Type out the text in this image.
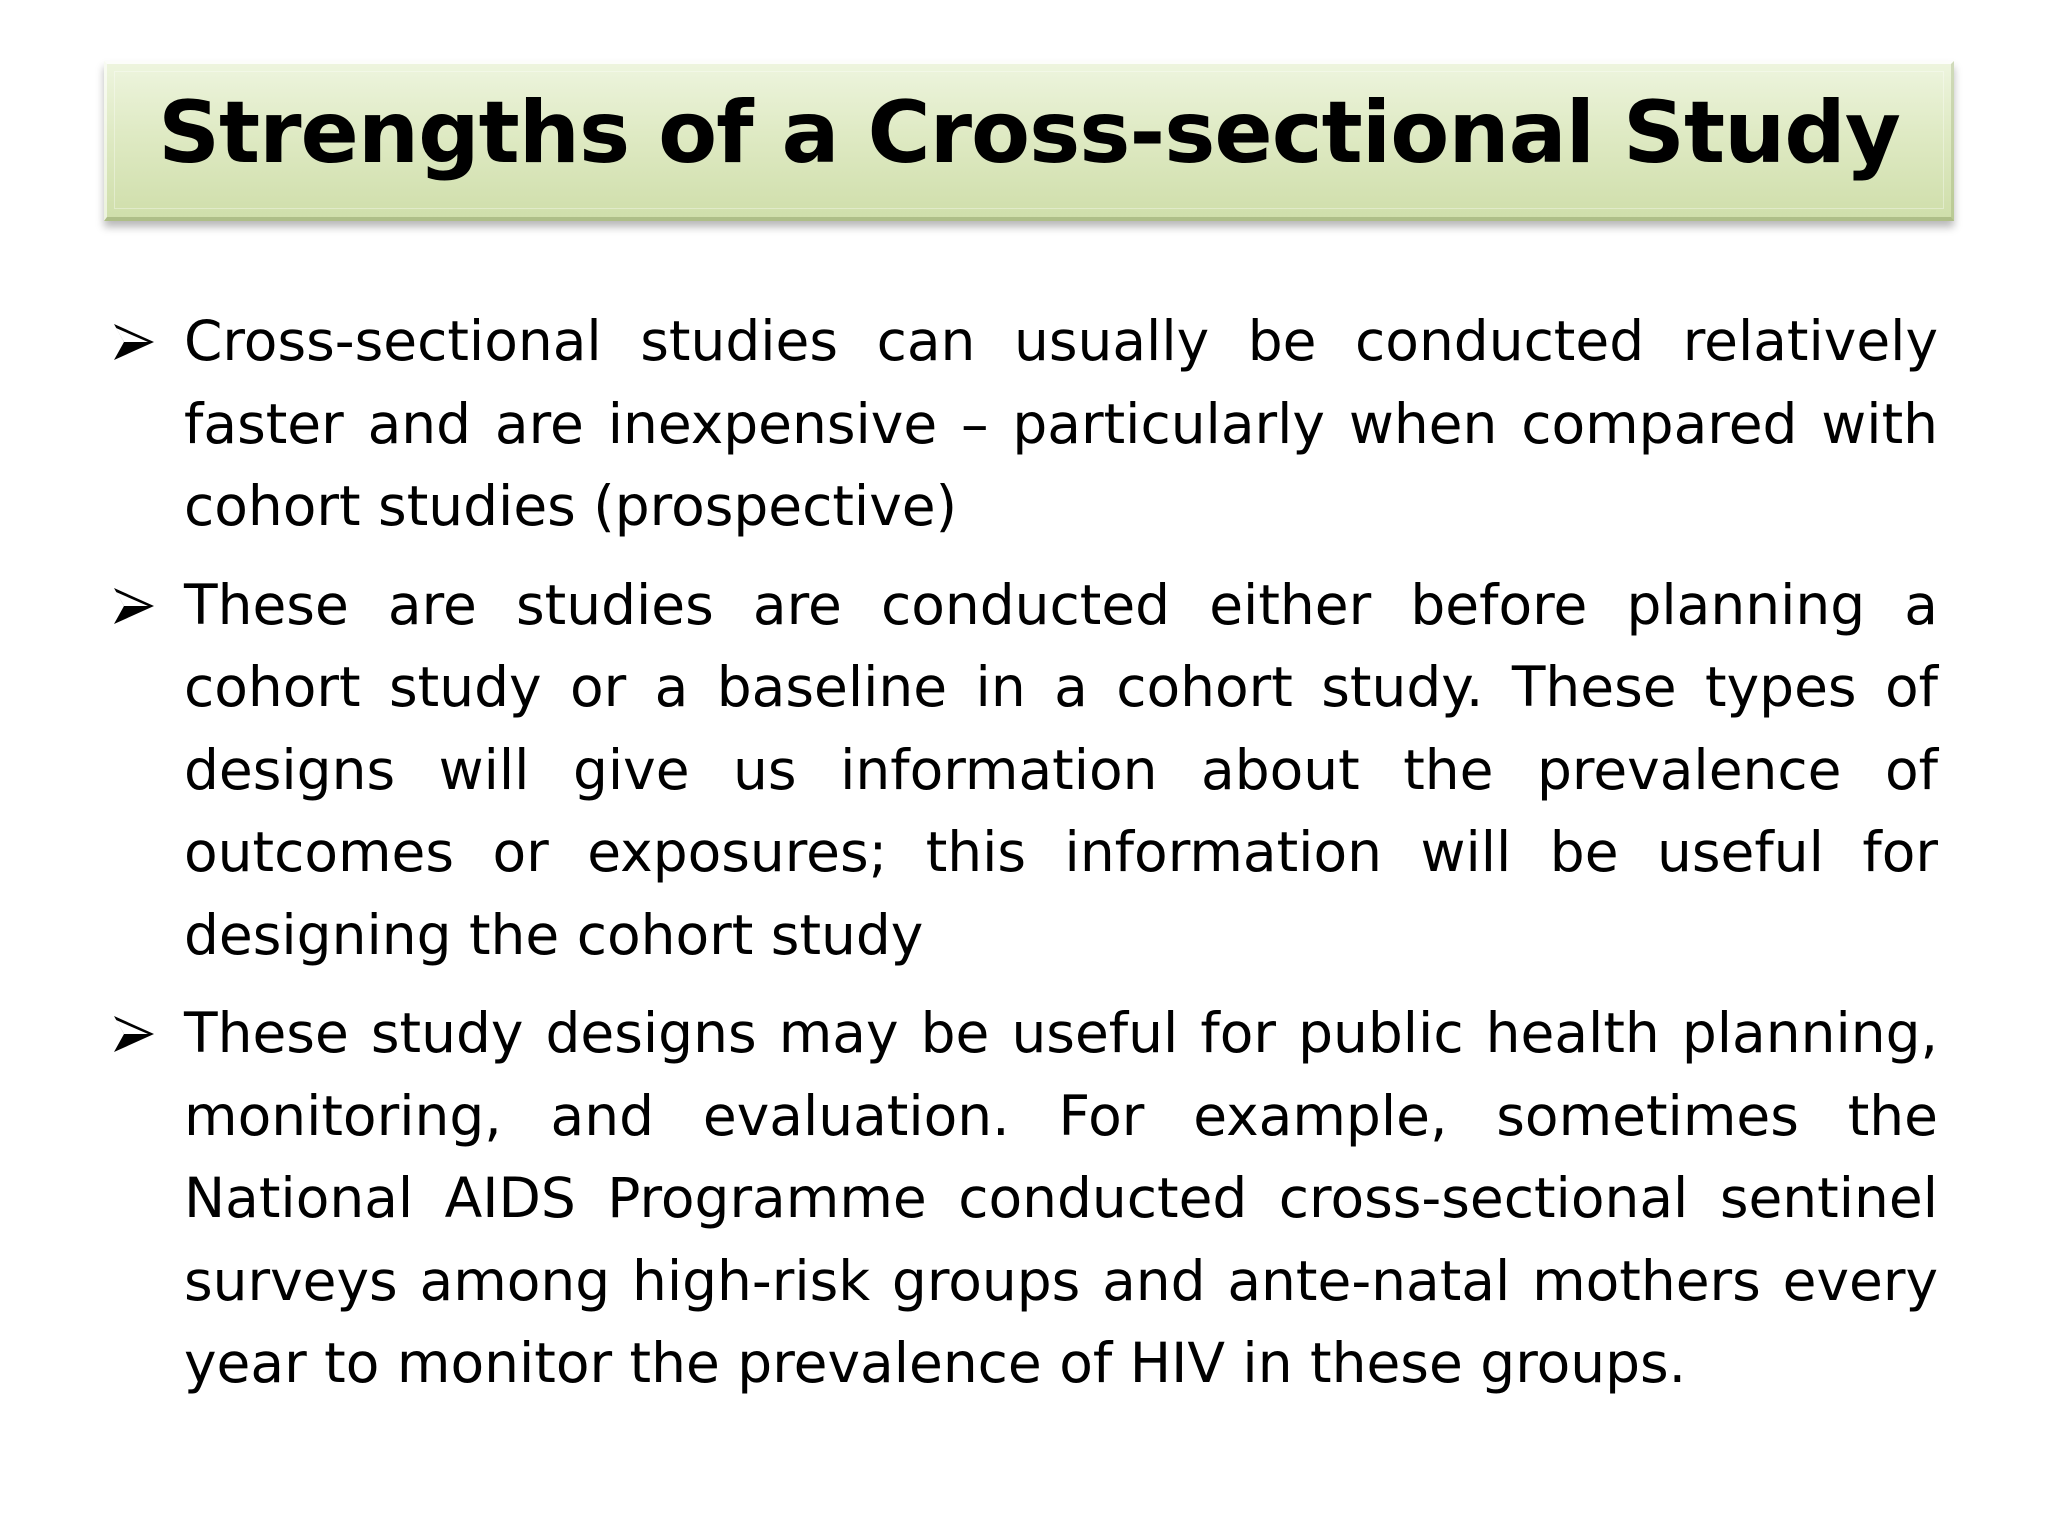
Strengths of a Cross-sectional Study
Cross-sectional studies can usually be conducted relatively faster and are inexpensive – particularly when compared with cohort studies (prospective)
These are studies are conducted either before planning a cohort study or a baseline in a cohort study. These types of designs will give us information about the prevalence of outcomes or exposures; this information will be useful for designing the cohort study
These study designs may be useful for public health planning, monitoring, and evaluation. For example, sometimes the National AIDS Programme conducted cross-sectional sentinel surveys among high-risk groups and ante-natal mothers every year to monitor the prevalence of HIV in these groups.
